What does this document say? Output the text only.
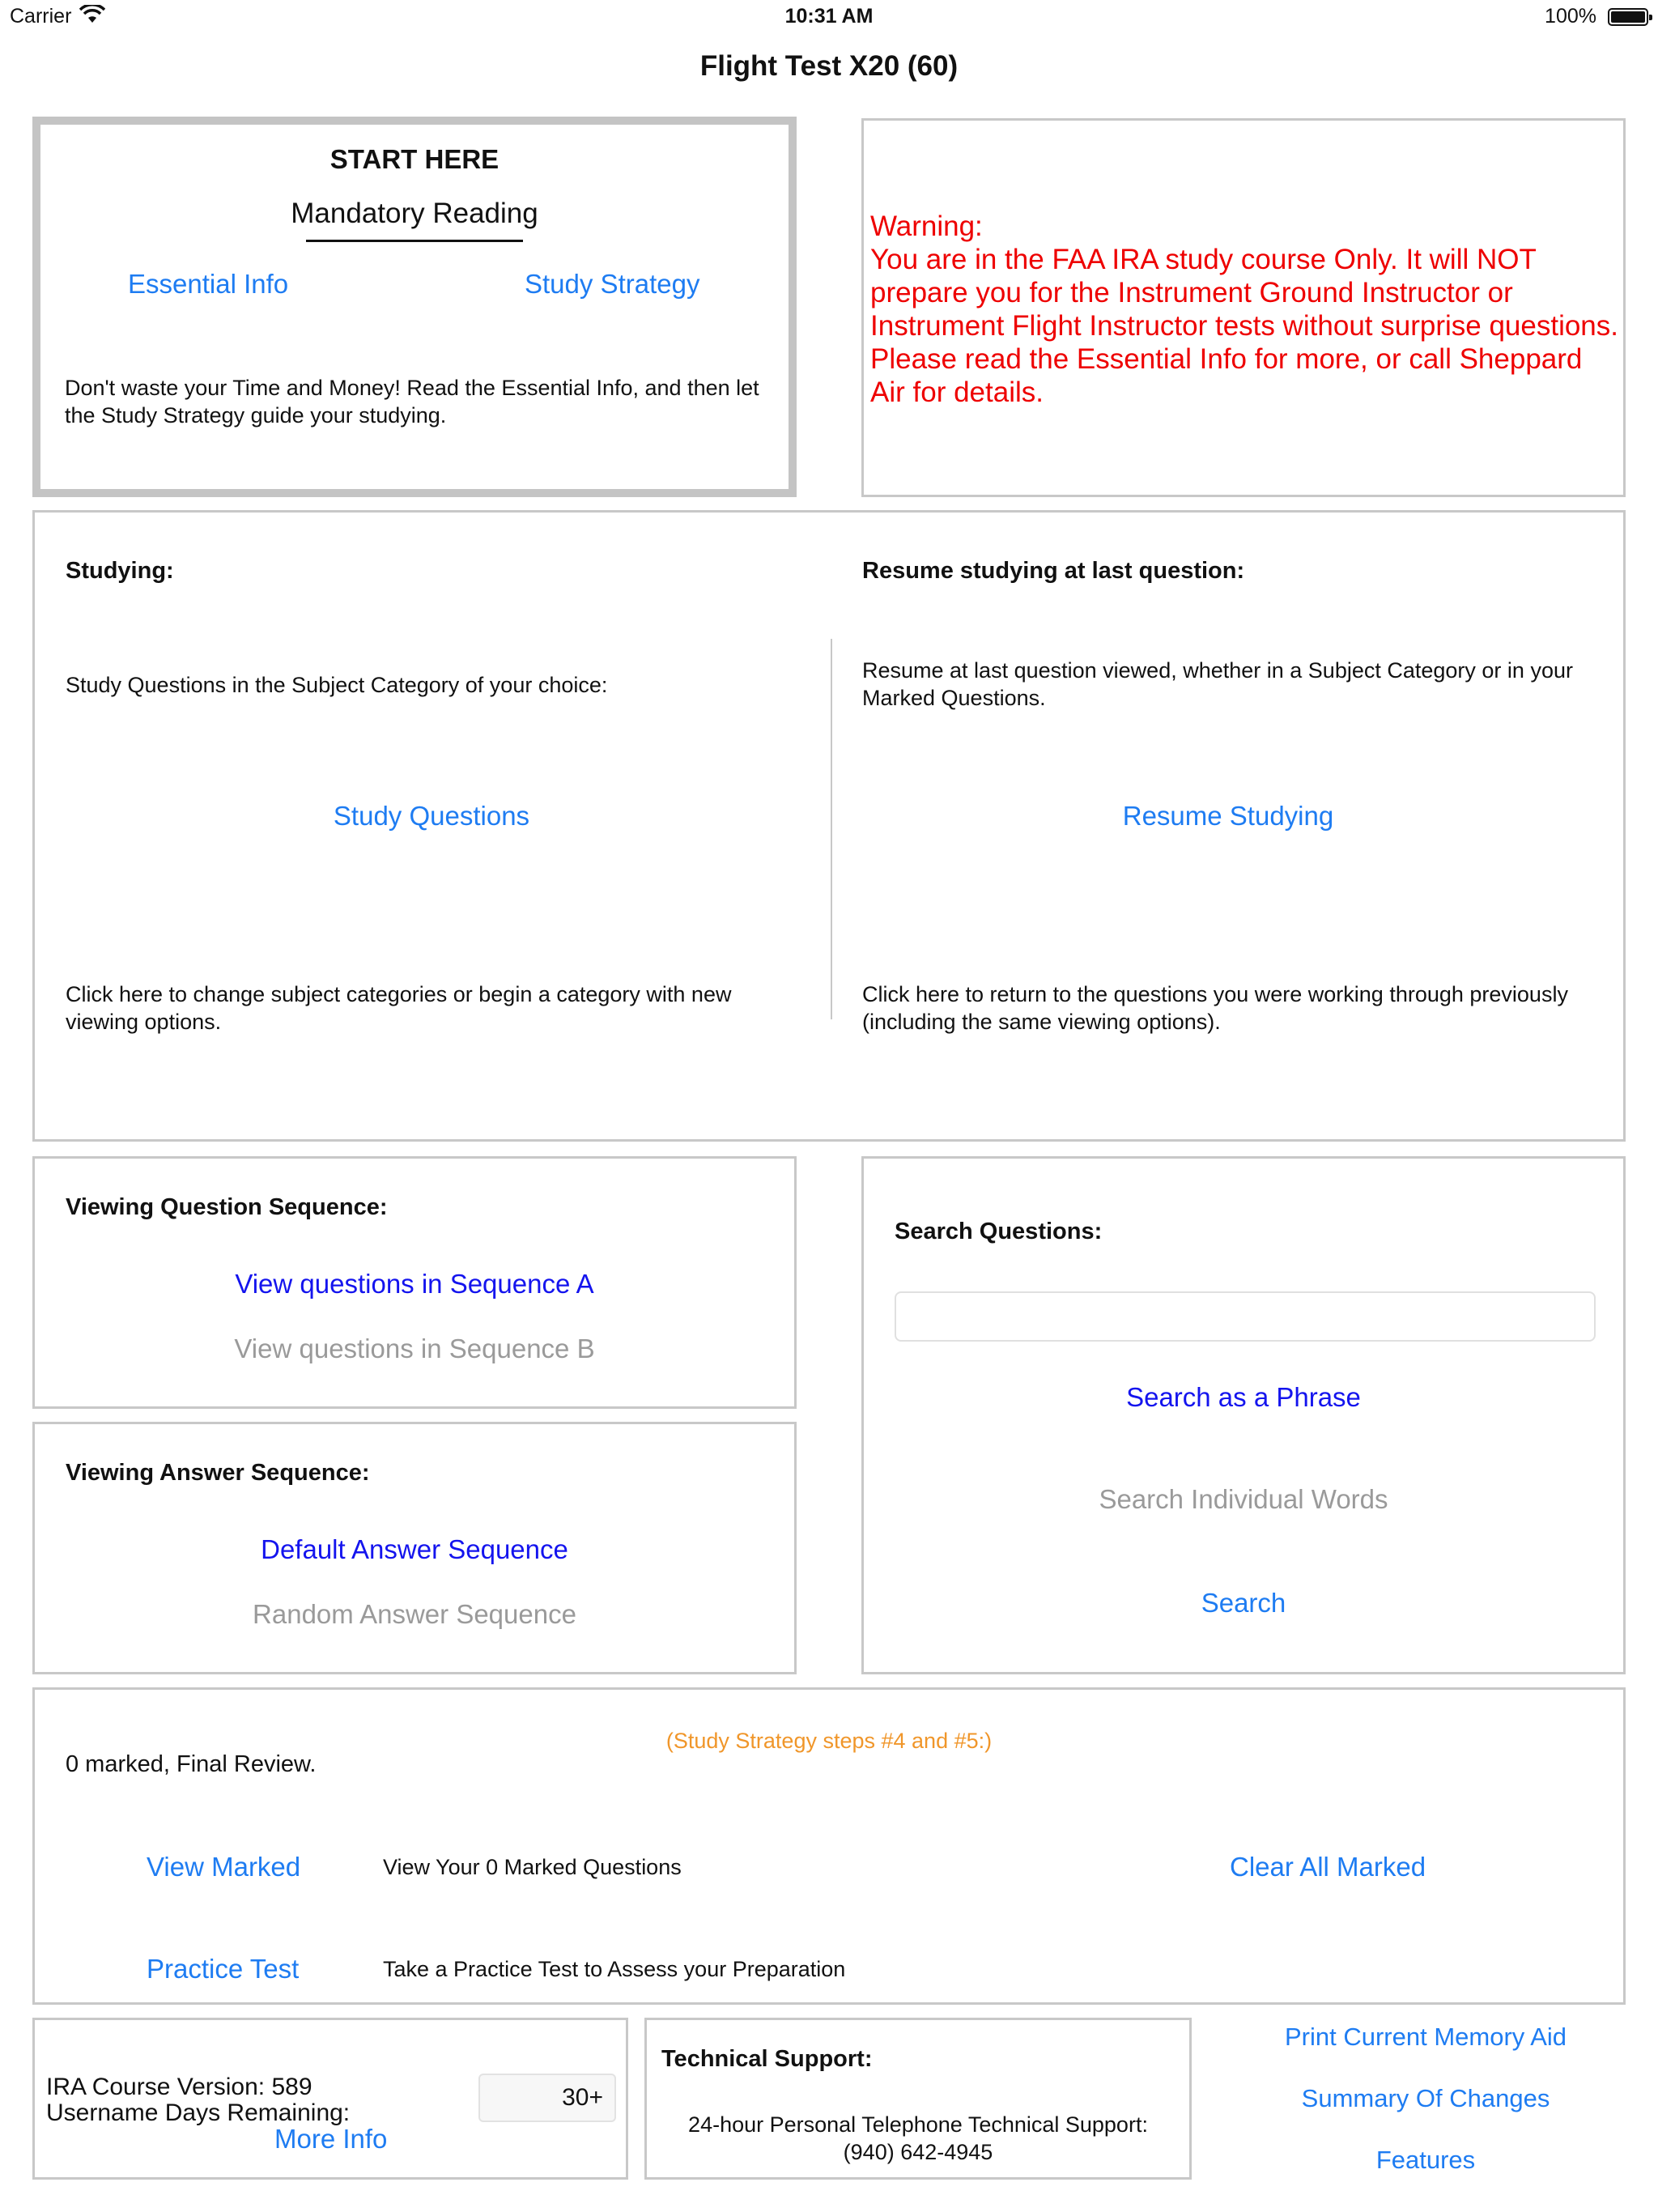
Carrier	10:31 AM	100%
Flight Test X20 (60)
START HERE
Mandatory Reading
Essential Info	Study Strategy
Don't waste your Time and Money! Read the Essential Info, and then let the Study Strategy guide your studying.
Warning:
You are in the FAA IRA study course Only. It will NOT prepare you for the Instrument Ground Instructor or Instrument Flight Instructor tests without surprise questions. Please read the Essential Info for more, or call Sheppard Air for details.
Studying:
Study Questions in the Subject Category of your choice:
Study Questions
Click here to change subject categories or begin a category with new viewing options.
Resume studying at last question:
Resume at last question viewed, whether in a Subject Category or in your Marked Questions.
Resume Studying
Click here to return to the questions you were working through previously (including the same viewing options).
Viewing Question Sequence:
View questions in Sequence A
View questions in Sequence B
Viewing Answer Sequence:
Default Answer Sequence
Random Answer Sequence
Search Questions:
Search as a Phrase
Search Individual Words
Search
(Study Strategy steps #4 and #5:)
0 marked, Final Review.
View Marked	View Your 0 Marked Questions	Clear All Marked
Practice Test	Take a Practice Test to Assess your Preparation
IRA Course Version: 589
Username Days Remaining:
30+
More Info
Technical Support:
24-hour Personal Telephone Technical Support:
(940) 642-4945
Print Current Memory Aid
Summary Of Changes
Features
